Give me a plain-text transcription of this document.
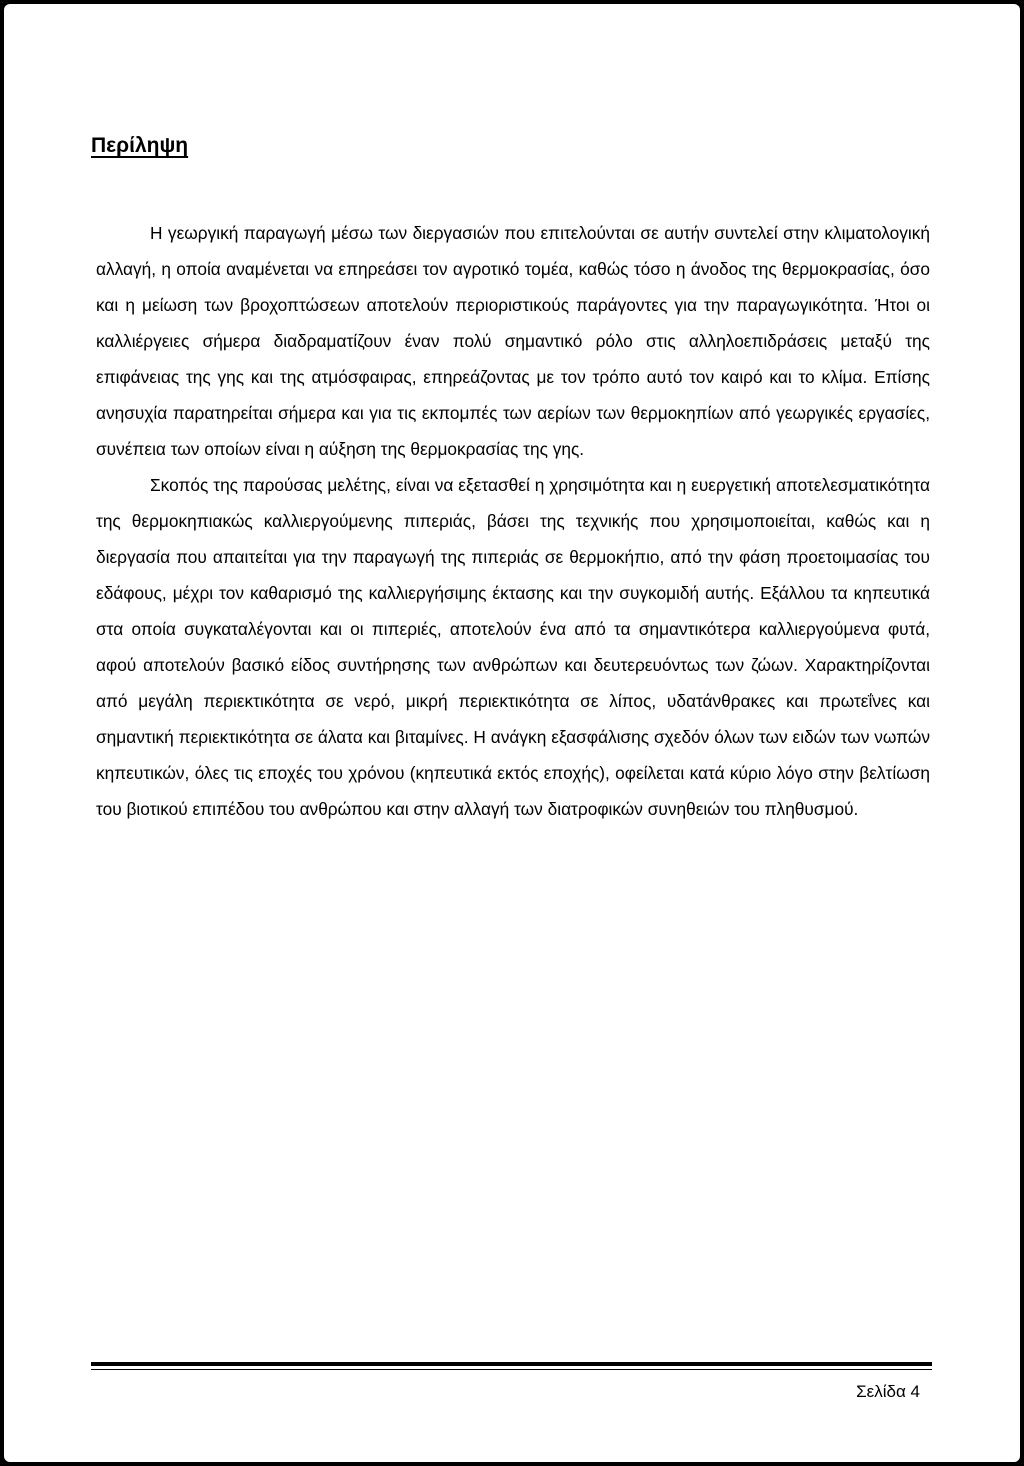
Περίληψη

Η γεωργική παραγωγή μέσω των διεργασιών που επιτελούνται σε αυτήν συντελεί στην κλιματολογική αλλαγή, η οποία αναμένεται να επηρεάσει τον αγροτικό τομέα, καθώς τόσο η άνοδος της θερμοκρασίας, όσο και η μείωση των βροχοπτώσεων αποτελούν περιοριστικούς παράγοντες για την παραγωγικότητα. Ήτοι οι καλλιέργειες σήμερα διαδραματίζουν έναν πολύ σημαντικό ρόλο στις αλληλοεπιδράσεις μεταξύ της επιφάνειας της γης και της ατμόσφαιρας, επηρεάζοντας με τον τρόπο αυτό τον καιρό και το κλίμα. Επίσης ανησυχία παρατηρείται σήμερα και για τις εκπομπές των αερίων των θερμοκηπίων από γεωργικές εργασίες, συνέπεια των οποίων είναι η αύξηση της θερμοκρασίας της γης.

Σκοπός της παρούσας μελέτης, είναι να εξετασθεί η χρησιμότητα και η ευεργετική αποτελεσματικότητα της θερμοκηπιακώς καλλιεργούμενης πιπεριάς, βάσει της τεχνικής που χρησιμοποιείται, καθώς και η διεργασία που απαιτείται για την παραγωγή της πιπεριάς σε θερμοκήπιο, από την φάση προετοιμασίας του εδάφους, μέχρι τον καθαρισμό της καλλιεργήσιμης έκτασης και την συγκομιδή αυτής. Εξάλλου τα κηπευτικά στα οποία συγκαταλέγονται και οι πιπεριές, αποτελούν ένα από τα σημαντικότερα καλλιεργούμενα φυτά, αφού αποτελούν βασικό είδος συντήρησης των ανθρώπων και δευτερευόντως των ζώων. Χαρακτηρίζονται από μεγάλη περιεκτικότητα σε νερό, μικρή περιεκτικότητα σε λίπος, υδατάνθρακες και πρωτεΐνες και σημαντική περιεκτικότητα σε άλατα και βιταμίνες. Η ανάγκη εξασφάλισης σχεδόν όλων των ειδών των νωπών κηπευτικών, όλες τις εποχές του χρόνου (κηπευτικά εκτός εποχής), οφείλεται κατά κύριο λόγο στην βελτίωση του βιοτικού επιπέδου του ανθρώπου και στην αλλαγή των διατροφικών συνηθειών του πληθυσμού.

Σελίδα 4
